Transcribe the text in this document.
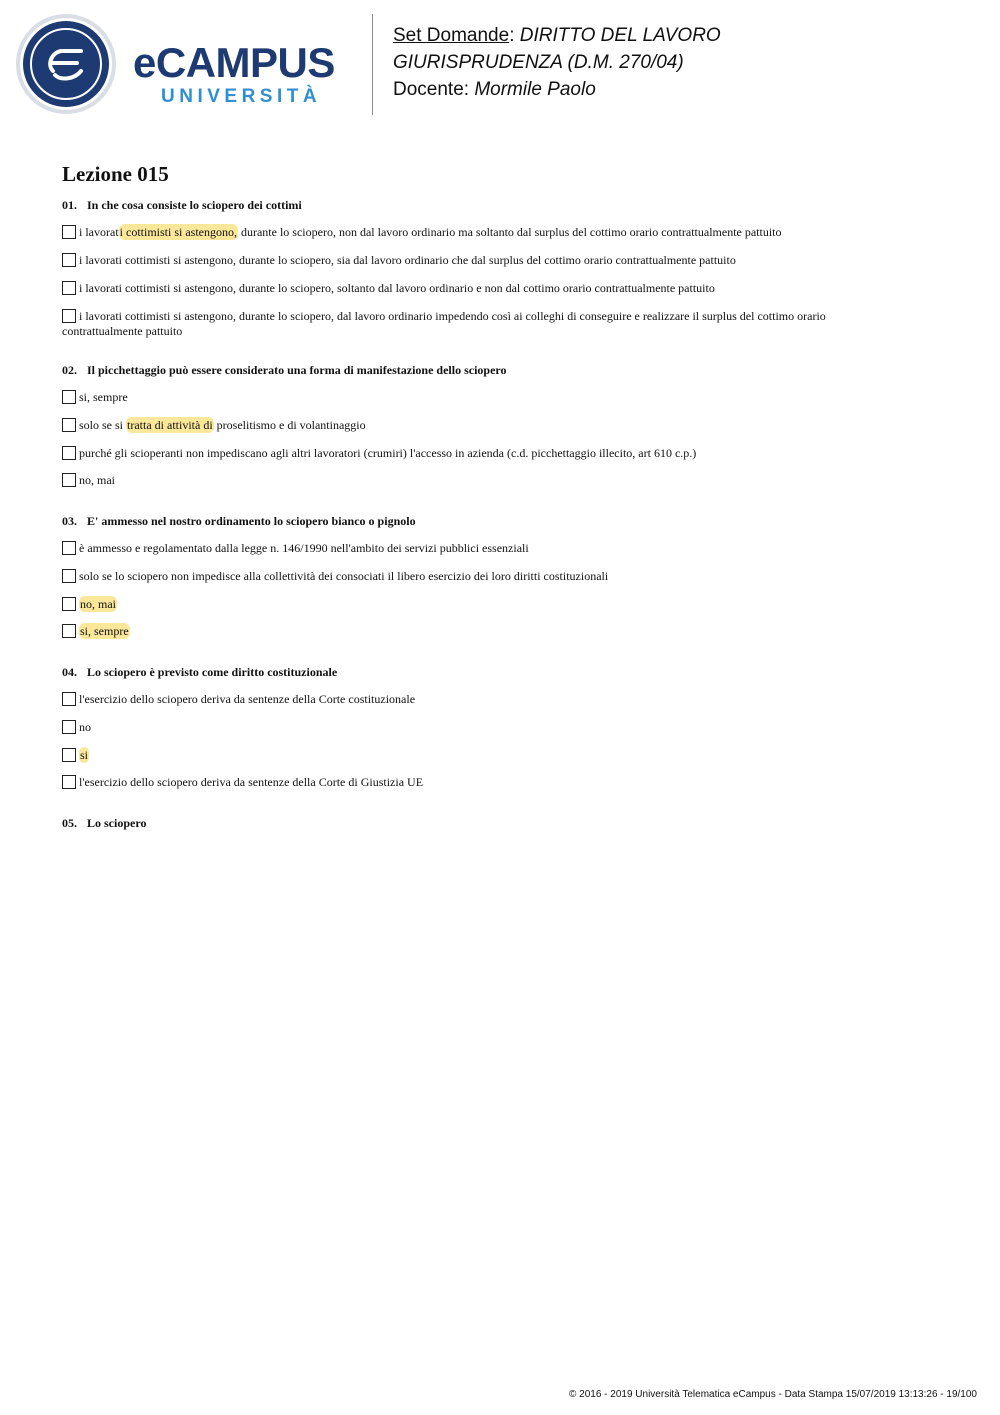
eCAMPUS
UNIVERSITÀ
Set Domande: DIRITTO DEL LAVORO
GIURISPRUDENZA (D.M. 270/04)
Docente: Mormile Paolo
Lezione 015
01. In che cosa consiste lo sciopero dei cottimi
i lavorati cottimisti si astengono, durante lo sciopero, non dal lavoro ordinario ma soltanto dal surplus del cottimo orario contrattualmente pattuito
i lavorati cottimisti si astengono, durante lo sciopero, sia dal lavoro ordinario che dal surplus del cottimo orario contrattualmente pattuito
i lavorati cottimisti si astengono, durante lo sciopero, soltanto dal lavoro ordinario e non dal cottimo orario contrattualmente pattuito
i lavorati cottimisti si astengono, durante lo sciopero, dal lavoro ordinario impedendo così ai colleghi di conseguire e realizzare il surplus del cottimo orario contrattualmente pattuito
02. Il picchettaggio può essere considerato una forma di manifestazione dello sciopero
si, sempre
solo se si tratta di attività di proselitismo e di volantinaggio
purché gli scioperanti non impediscano agli altri lavoratori (crumiri) l'accesso in azienda (c.d. picchettaggio illecito, art 610 c.p.)
no, mai
03. E' ammesso nel nostro ordinamento lo sciopero bianco o pignolo
è ammesso e regolamentato dalla legge n. 146/1990 nell'ambito dei servizi pubblici essenziali
solo se lo sciopero non impedisce alla collettività dei consociati il libero esercizio dei loro diritti costituzionali
no, mai
si, sempre
04. Lo sciopero è previsto come diritto costituzionale
l'esercizio dello sciopero deriva da sentenze della Corte costituzionale
no
si
l'esercizio dello sciopero deriva da sentenze della Corte di Giustizia UE
05. Lo sciopero
© 2016 - 2019 Università Telematica eCampus - Data Stampa 15/07/2019 13:13:26 - 19/100
